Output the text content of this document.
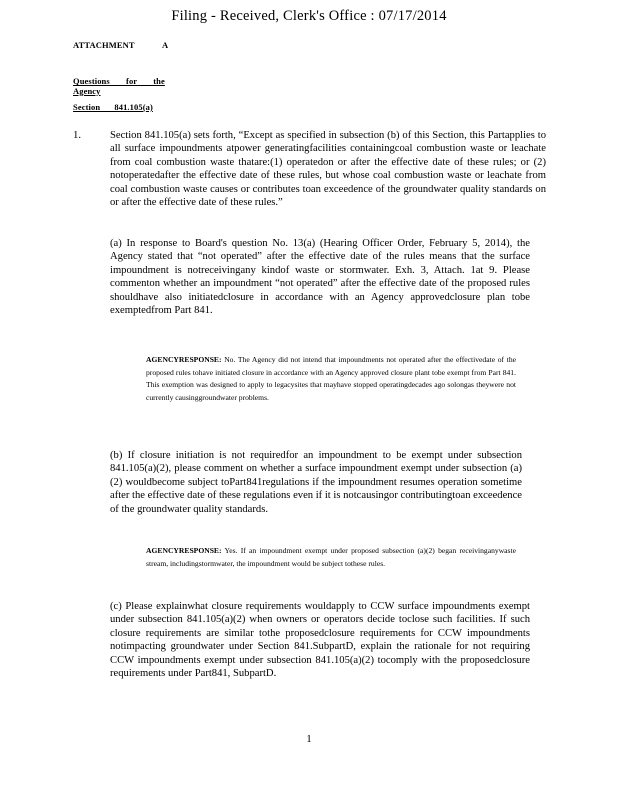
Filing - Received, Clerk's Office : 07/17/2014
ATTACHMENT	A
Questions for the Agency
Section 841.105(a)
1.	Section 841.105(a) sets forth, “Except as specified in subsection (b) of this Section, this Partapplies to all surface impoundments atpower generatingfacilities containingcoal combustion waste or leachate from coal combustion waste thatare:(1) operatedon or after the effective date of these rules; or (2) notoperatedafter the effective date of these rules, but whose coal combustion waste or leachate from coal combustion waste causes or contributes toan exceedence of the groundwater quality standards on or after the effective date of these rules.”
(a) In response to Board's question No. 13(a) (Hearing Officer Order, February 5, 2014), the Agency stated that “not operated” after the effective date of the rules means that the surface impoundment is notreceivingany kindof waste or stormwater. Exh. 3, Attach. 1at 9. Please commenton whether an impoundment “not operated” after the effective date of the proposed rules shouldhave also initiatedclosure in accordance with an Agency approvedclosure plan tobe exemptedfrom Part 841.
AGENCYRESPONSE: No. The Agency did not intend that impoundments not operated after the effectivedate of the proposed rules tohave initiated closure in accordance with an Agency approved closure plant tobe exempt from Part 841. This exemption was designed to apply to legacysites that mayhave stopped operatingdecades ago solongas theywere not currently causinggroundwater problems.
(b) If closure initiation is not requiredfor an impoundment to be exempt under subsection 841.105(a)(2), please comment on whether a surface impoundment exempt under subsection (a)(2) wouldbecome subject toPart841regulations if the impoundment resumes operation sometime after the effective date of these regulations even if it is notcausingor contributingtoan exceedence of the groundwater quality standards.
AGENCYRESPONSE: Yes. If an impoundment exempt under proposed subsection (a)(2) began receivinganywaste stream, includingstormwater, the impoundment would be subject tothese rules.
(c) Please explainwhat closure requirements wouldapply to CCW surface impoundments exempt under subsection 841.105(a)(2) when owners or operators decide toclose such facilities. If such closure requirements are similar tothe proposedclosure requirements for CCW impoundments notimpacting groundwater under Section 841.SubpartD, explain the rationale for not requiring CCW impoundments exempt under subsection 841.105(a)(2) tocomply with the proposedclosure requirements under Part841, SubpartD.
1
